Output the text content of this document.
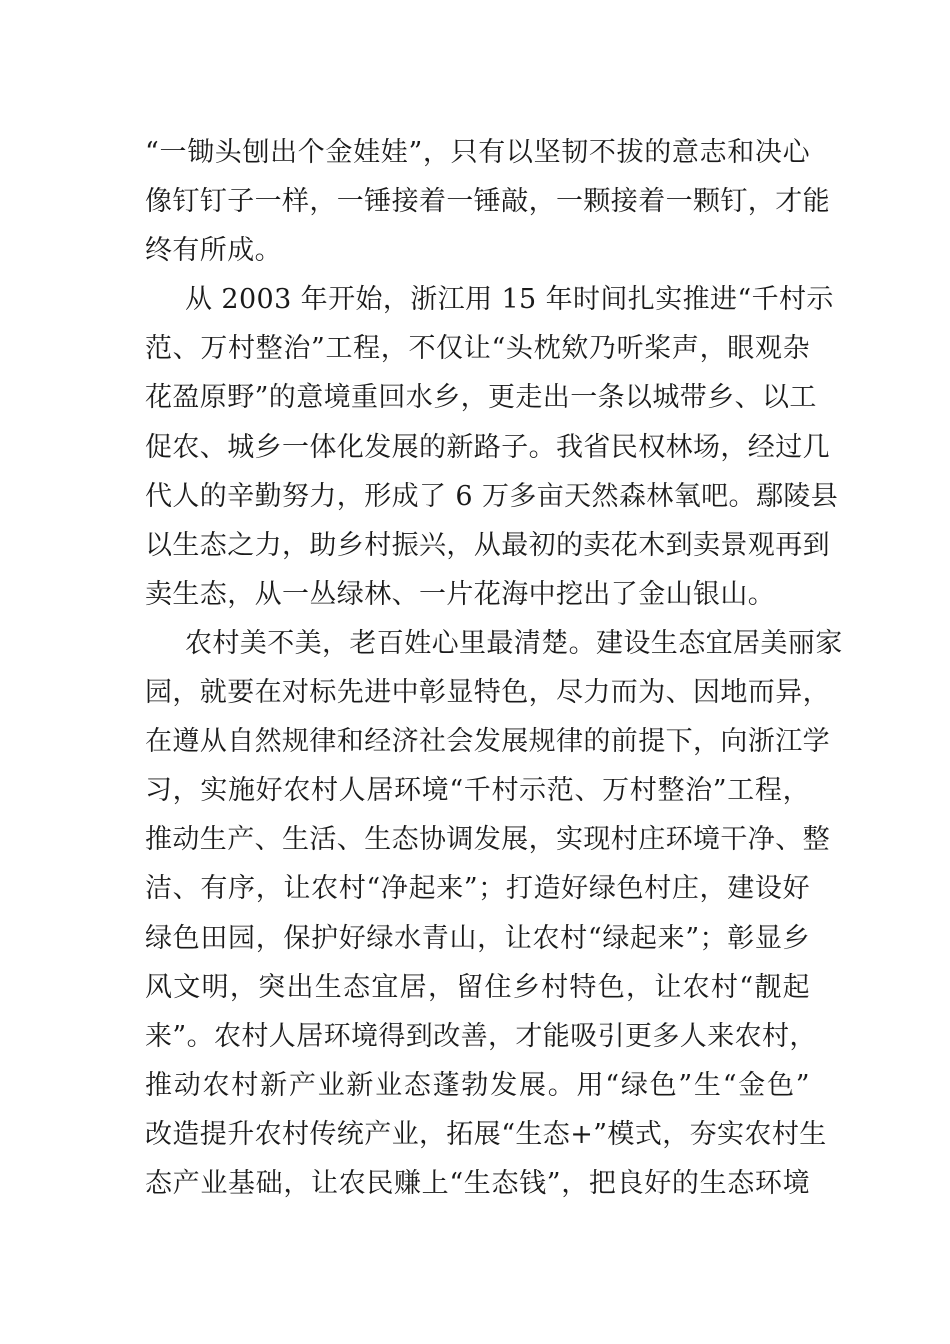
“一锄头刨出个金娃娃”，只有以坚韧不拔的意志和决心
像钉钉子一样，一锤接着一锤敲，一颗接着一颗钉，才能
终有所成。
从 2003 年开始，浙江用 15 年时间扎实推进“千村示
范、万村整治”工程，不仅让“头枕欸乃听桨声，眼观杂
花盈原野”的意境重回水乡，更走出一条以城带乡、以工
促农、城乡一体化发展的新路子。我省民权林场，经过几
代人的辛勤努力，形成了 6 万多亩天然森林氧吧。鄢陵县
以生态之力，助乡村振兴，从最初的卖花木到卖景观再到
卖生态，从一丛绿林、一片花海中挖出了金山银山。
农村美不美，老百姓心里最清楚。建设生态宜居美丽家
园，就要在对标先进中彰显特色，尽力而为、因地而异，
在遵从自然规律和经济社会发展规律的前提下，向浙江学
习，实施好农村人居环境“千村示范、万村整治”工程，
推动生产、生活、生态协调发展，实现村庄环境干净、整
洁、有序，让农村“净起来”；打造好绿色村庄，建设好
绿色田园，保护好绿水青山，让农村“绿起来”；彰显乡
风文明，突出生态宜居，留住乡村特色，让农村“靓起
来”。农村人居环境得到改善，才能吸引更多人来农村，
推动农村新产业新业态蓬勃发展。用“绿色”生“金色”
改造提升农村传统产业，拓展“生态+”模式，夯实农村生
态产业基础，让农民赚上“生态钱”，把良好的生态环境
